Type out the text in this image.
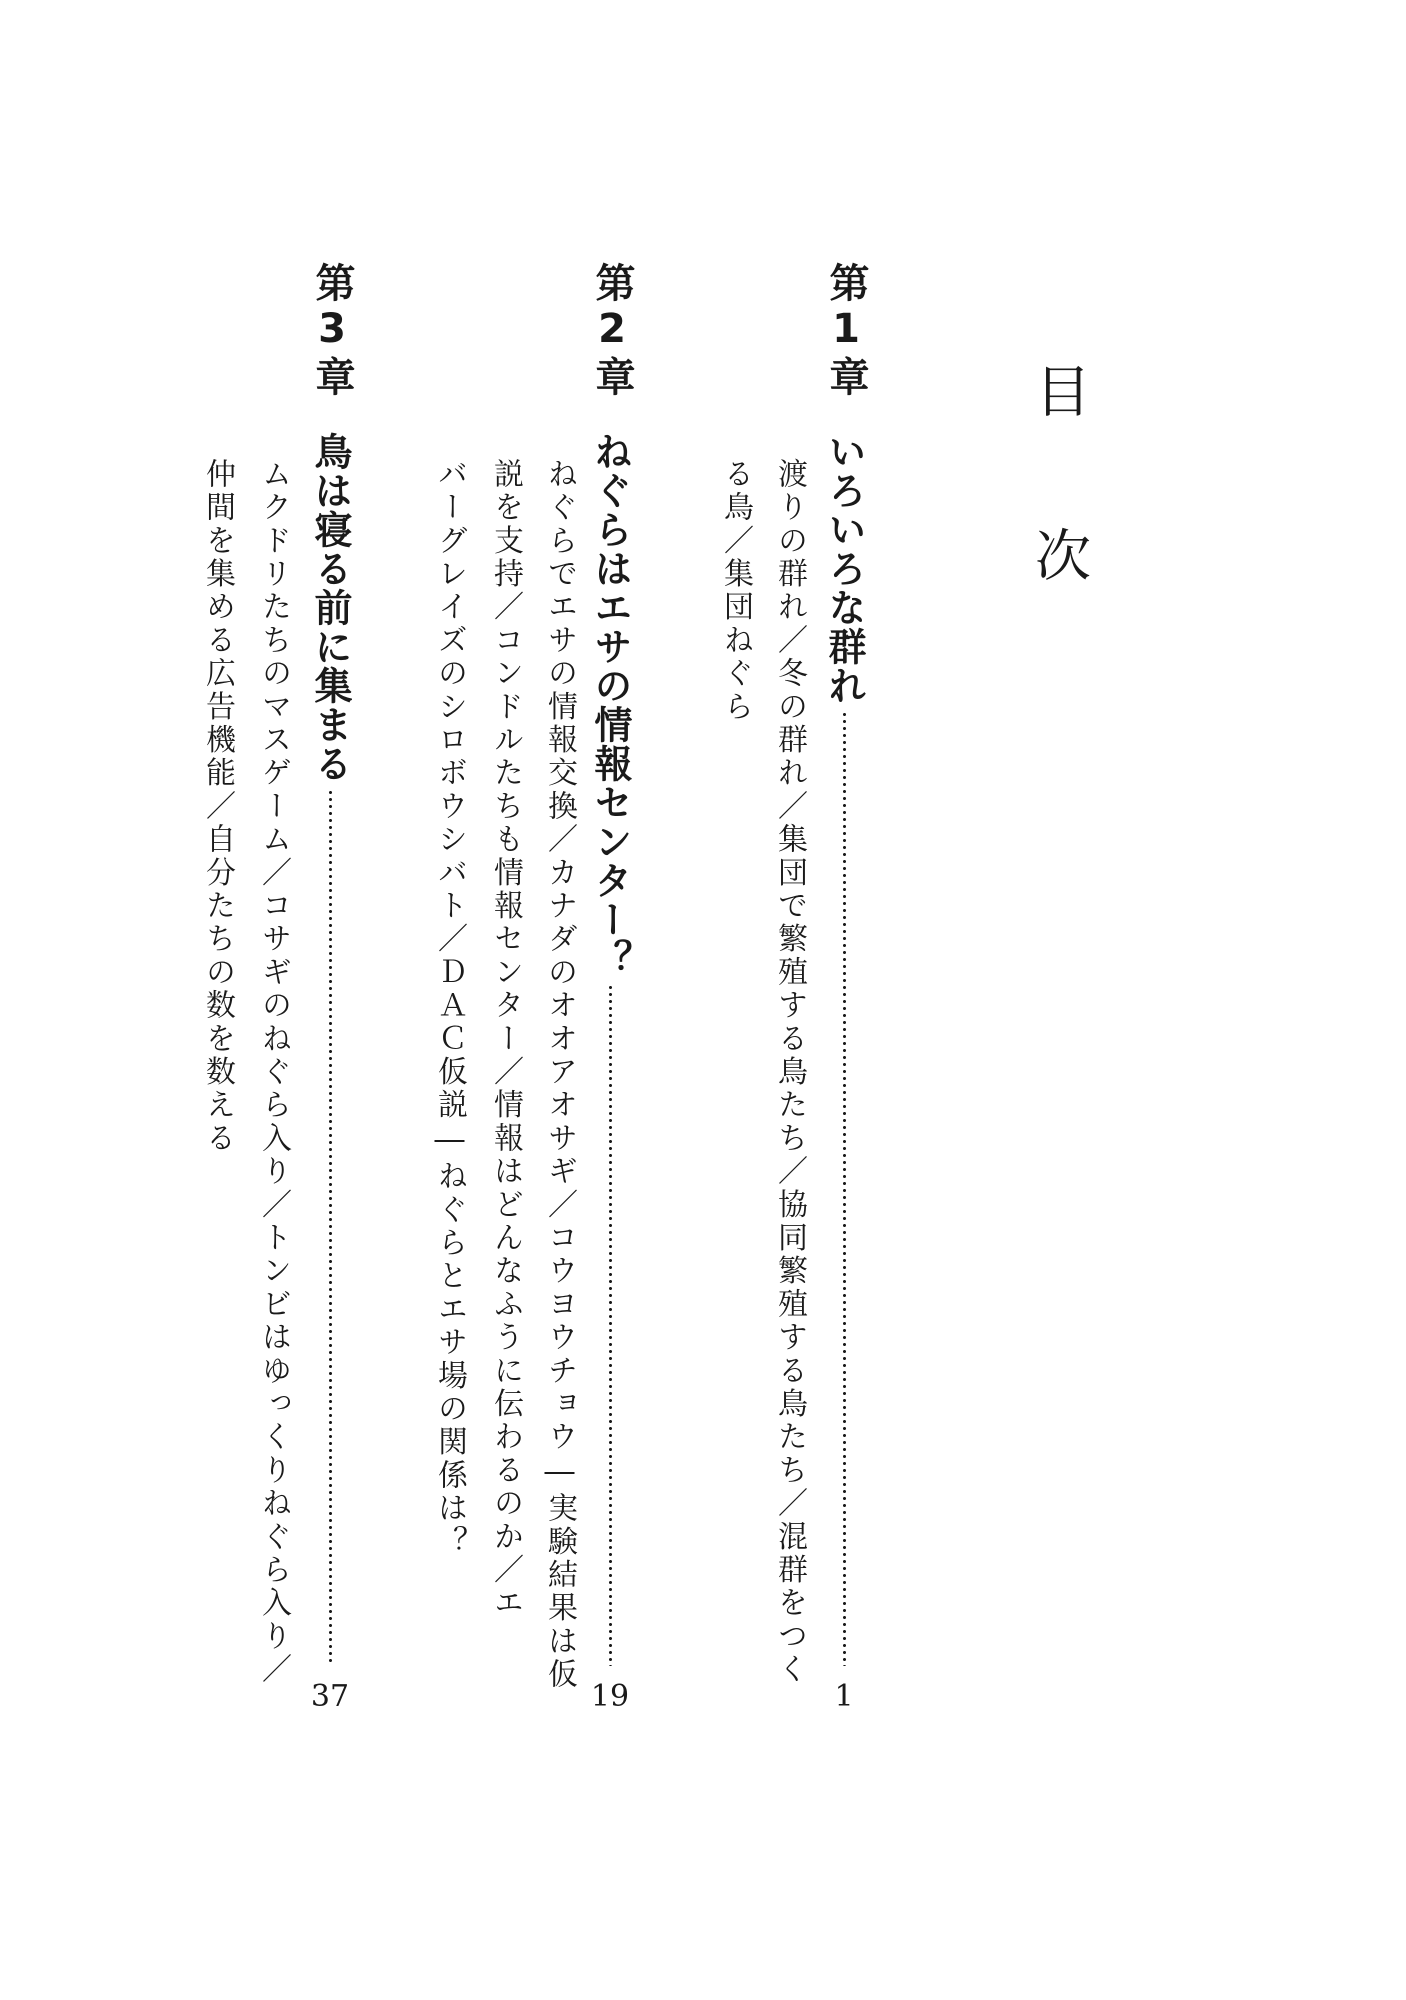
目次
第1章
いろいろな群れ
1
渡りの群れ／冬の群れ／集団で繁殖する鳥たち／協同繁殖する鳥たち／混群をつく
る鳥／集団ねぐら
第2章
ねぐらはエサの情報センター？
19
ねぐらでエサの情報交換／カナダのオオアオサギ／コウヨウチョウ―実験結果は仮
説を支持／コンドルたちも情報センター／情報はどんなふうに伝わるのか／エ
バーグレイズのシロボウシバト／ＤＡＣ仮説―ねぐらとエサ場の関係は？
第3章
鳥は寝る前に集まる
37
ムクドリたちのマスゲーム／コサギのねぐら入り／トンビはゆっくりねぐら入り／
仲間を集める広告機能／自分たちの数を数える
